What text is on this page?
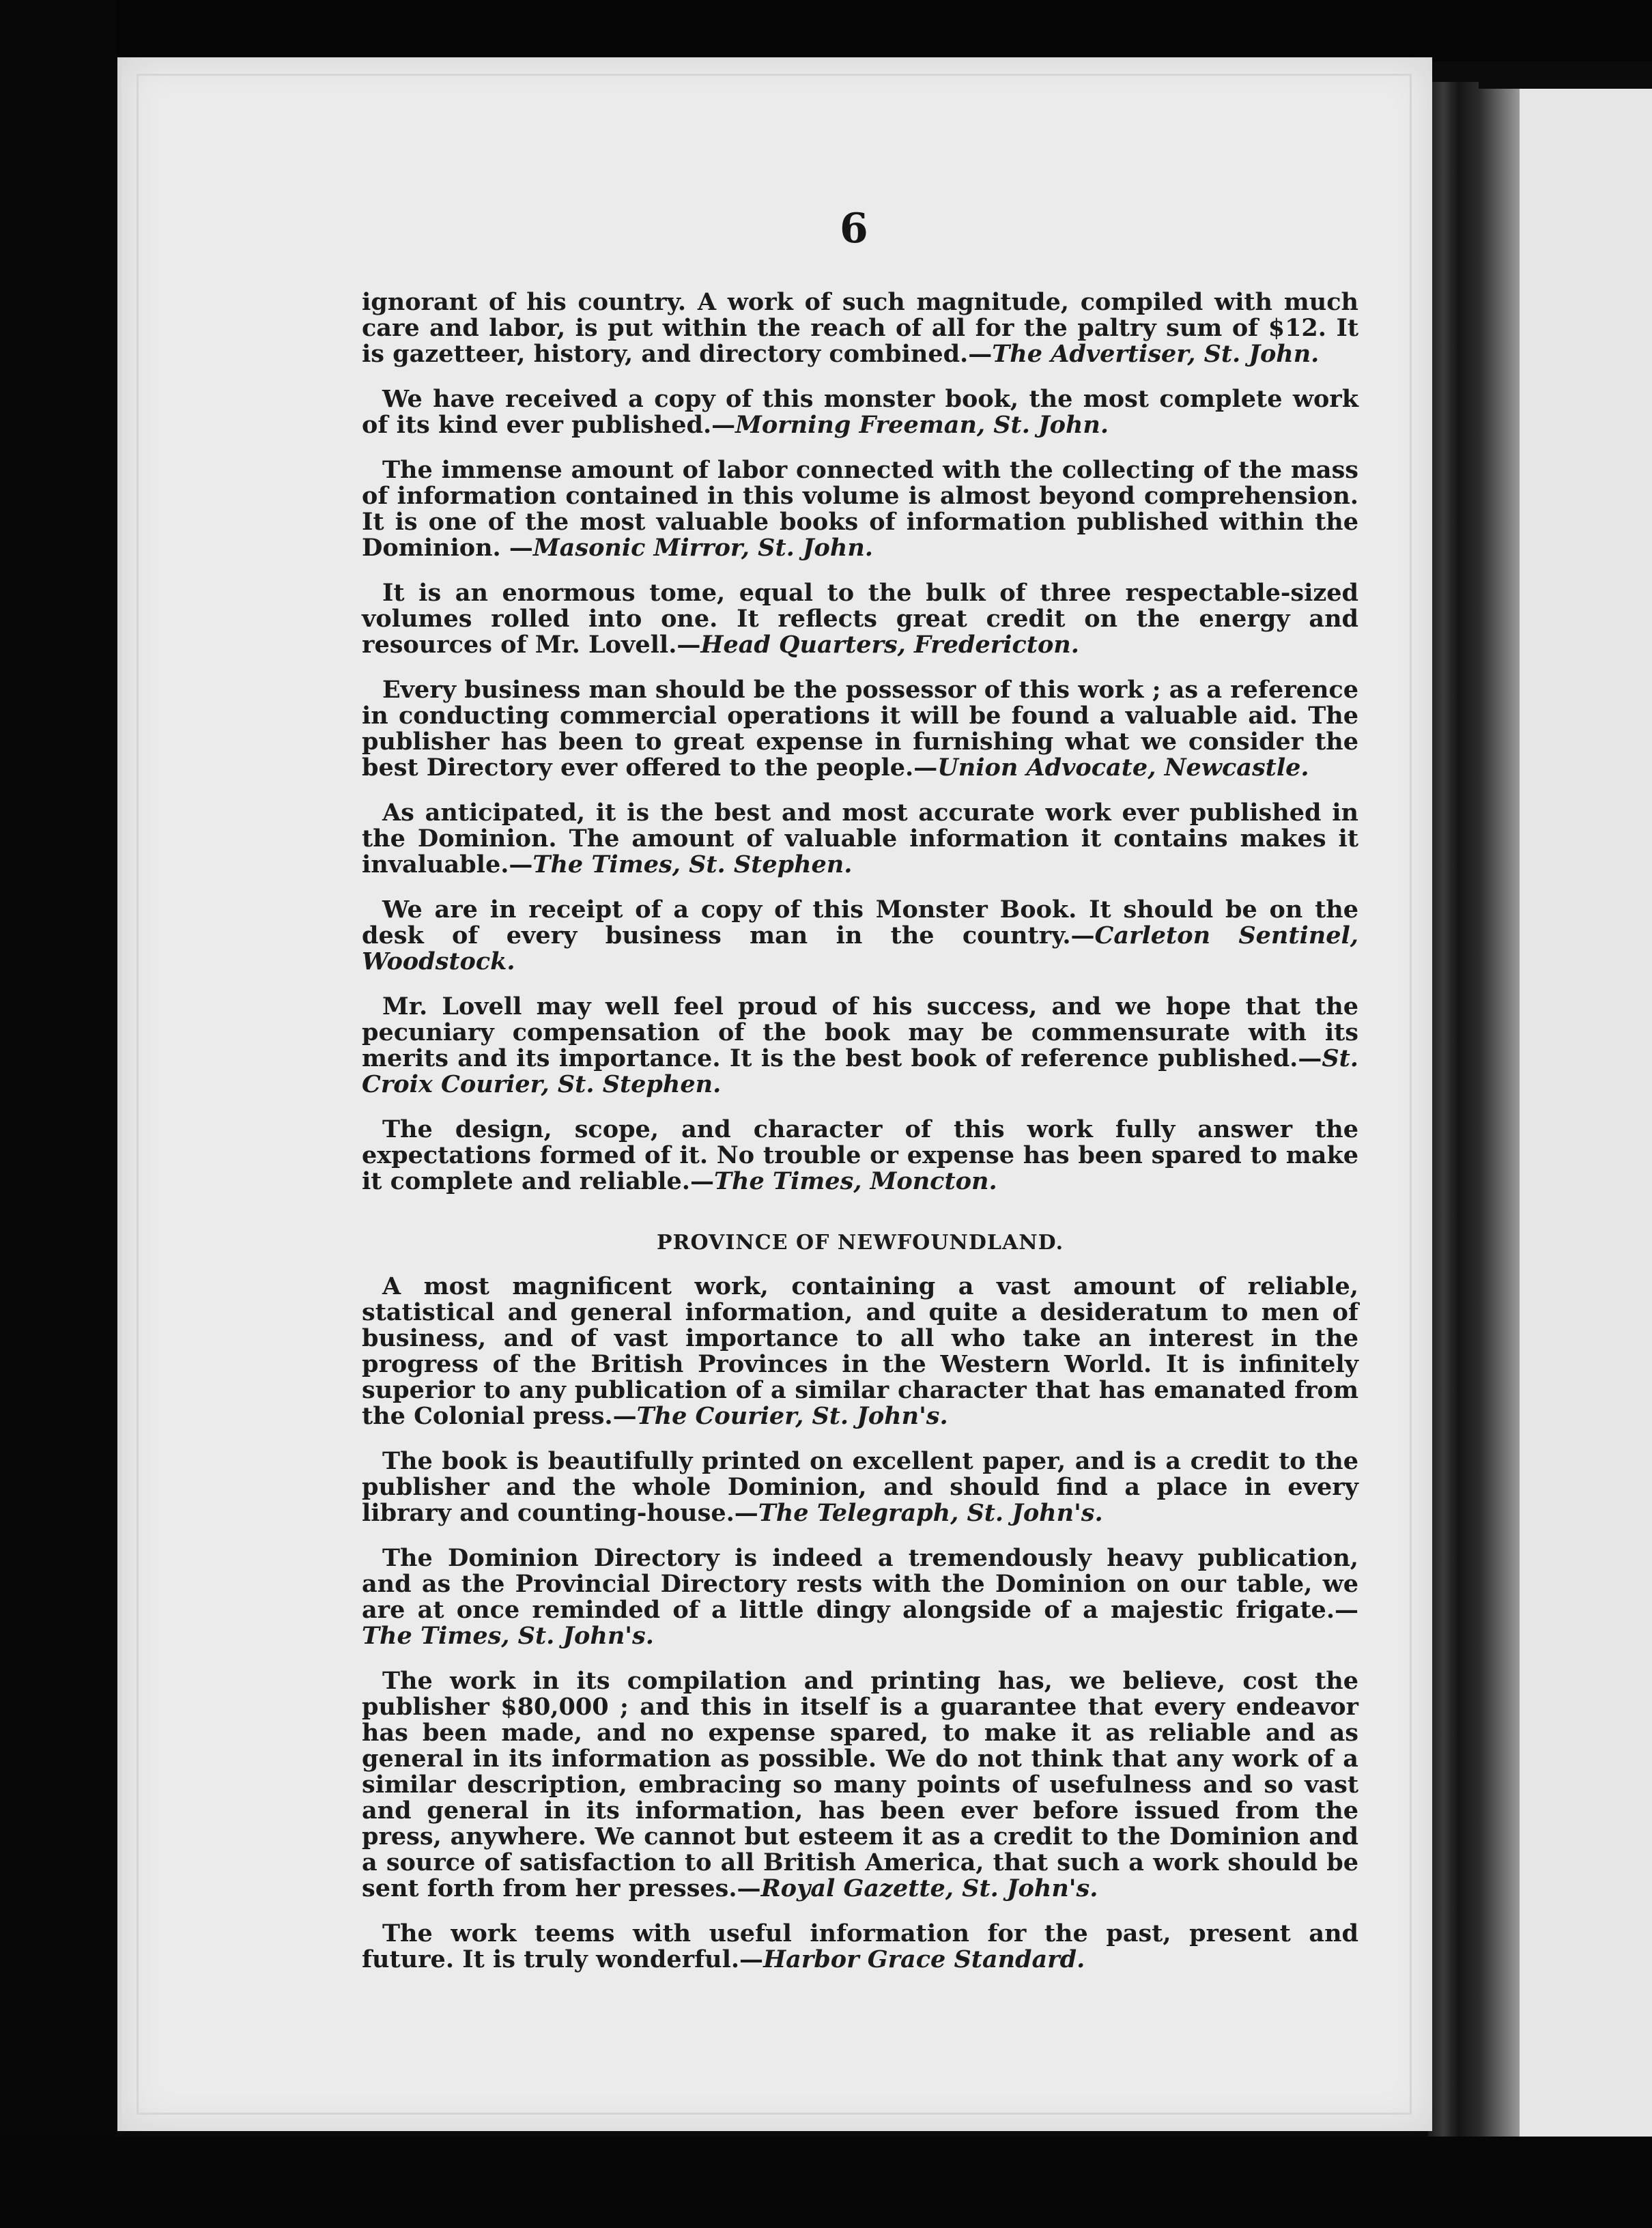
6

ignorant of his country. A work of such magnitude, compiled with much care and labor, is put within the reach of all for the paltry sum of $12. It is gazetteer, history, and directory combined.—The Advertiser, St. John.

We have received a copy of this monster book, the most complete work of its kind ever published.—Morning Freeman, St. John.

The immense amount of labor connected with the collecting of the mass of information contained in this volume is almost beyond comprehension. It is one of the most valuable books of information published within the Dominion. —Masonic Mirror, St. John.

It is an enormous tome, equal to the bulk of three respectable-sized volumes rolled into one. It reflects great credit on the energy and resources of Mr. Lovell.—Head Quarters, Fredericton.

Every business man should be the possessor of this work ; as a reference in conducting commercial operations it will be found a valuable aid. The publisher has been to great expense in furnishing what we consider the best Directory ever offered to the people.—Union Advocate, Newcastle.

As anticipated, it is the best and most accurate work ever published in the Dominion. The amount of valuable information it contains makes it invaluable.—The Times, St. Stephen.

We are in receipt of a copy of this Monster Book. It should be on the desk of every business man in the country.—Carleton Sentinel, Woodstock.

Mr. Lovell may well feel proud of his success, and we hope that the pecuniary compensation of the book may be commensurate with its merits and its importance. It is the best book of reference published.—St. Croix Courier, St. Stephen.

The design, scope, and character of this work fully answer the expectations formed of it. No trouble or expense has been spared to make it complete and reliable.—The Times, Moncton.

PROVINCE OF NEWFOUNDLAND.

A most magnificent work, containing a vast amount of reliable, statistical and general information, and quite a desideratum to men of business, and of vast importance to all who take an interest in the progress of the British Provinces in the Western World. It is infinitely superior to any publication of a similar character that has emanated from the Colonial press.—The Courier, St. John's.

The book is beautifully printed on excellent paper, and is a credit to the publisher and the whole Dominion, and should find a place in every library and counting-house.—The Telegraph, St. John's.

The Dominion Directory is indeed a tremendously heavy publication, and as the Provincial Directory rests with the Dominion on our table, we are at once reminded of a little dingy alongside of a majestic frigate.—The Times, St. John's.

The work in its compilation and printing has, we believe, cost the publisher $80,000 ; and this in itself is a guarantee that every endeavor has been made, and no expense spared, to make it as reliable and as general in its information as possible. We do not think that any work of a similar description, embracing so many points of usefulness and so vast and general in its information, has been ever before issued from the press, anywhere. We cannot but esteem it as a credit to the Dominion and a source of satisfaction to all British America, that such a work should be sent forth from her presses.—Royal Gazette, St. John's.

The work teems with useful information for the past, present and future. It is truly wonderful.—Harbor Grace Standard.
